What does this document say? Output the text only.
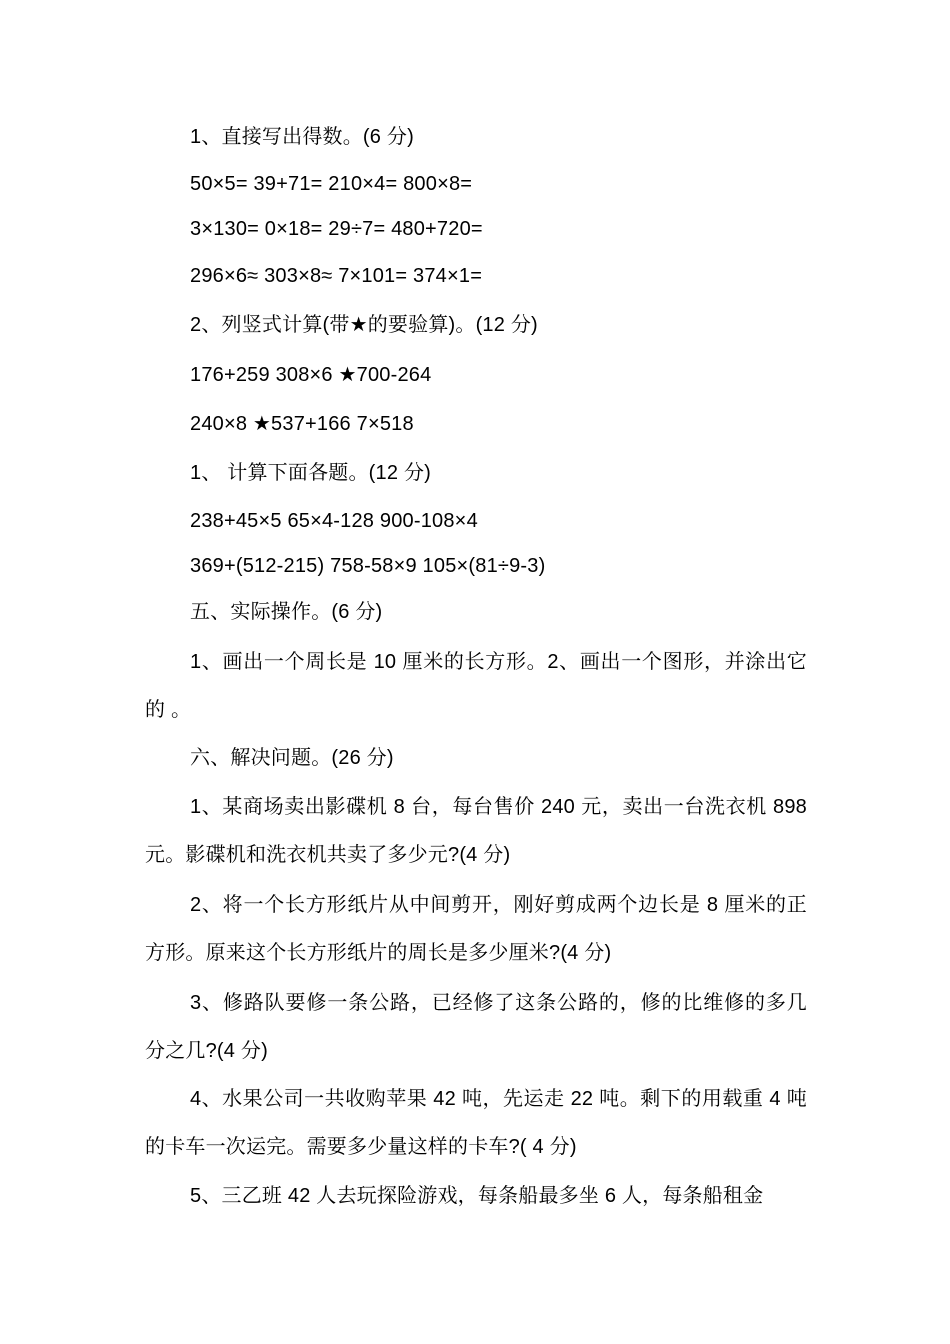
1、直接写出得数。(6 分)
50×5= 39+71= 210×4= 800×8=
3×130= 0×18= 29÷7= 480+720=
296×6≈ 303×8≈ 7×101= 374×1=
2、列竖式计算(带★的要验算)。(12 分)
176+259 308×6 ★700-264
240×8 ★537+166 7×518
1、 计算下面各题。(12 分)
238+45×5 65×4-128 900-108×4
369+(512-215) 758-58×9 105×(81÷9-3)
五、实际操作。(6 分)
1、画出一个周长是 10 厘米的长方形。2、画出一个图形，并涂出它的 。
六、解决问题。(26 分)
1、某商场卖出影碟机 8 台，每台售价 240 元，卖出一台洗衣机 898 元。影碟机和洗衣机共卖了多少元?(4 分)
2、将一个长方形纸片从中间剪开，刚好剪成两个边长是 8 厘米的正方形。原来这个长方形纸片的周长是多少厘米?(4 分)
3、修路队要修一条公路，已经修了这条公路的，修的比维修的多几分之几?(4 分)
4、水果公司一共收购苹果 42 吨，先运走 22 吨。剩下的用载重 4 吨的卡车一次运完。需要多少量这样的卡车?( 4 分)
5、三乙班 42 人去玩探险游戏，每条船最多坐 6 人，每条船租金
